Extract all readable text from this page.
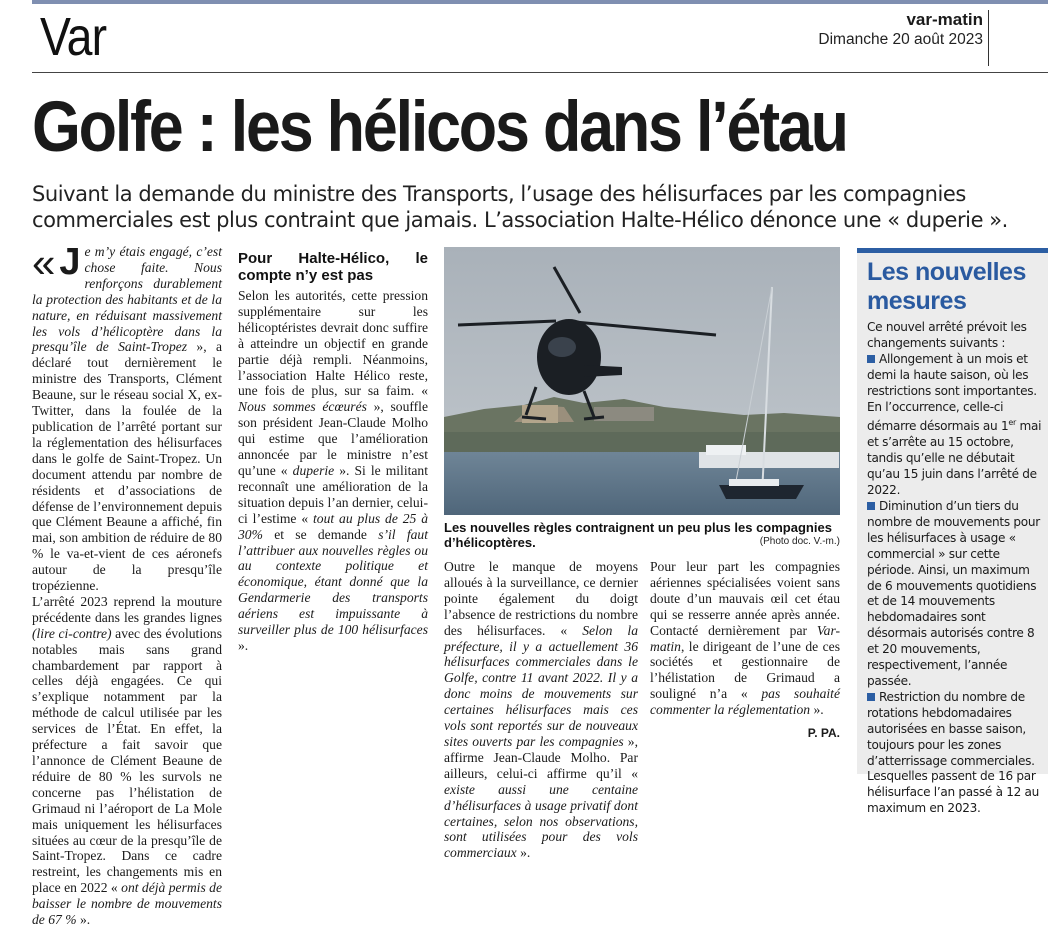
Var	var-matin
Dimanche 20 août 2023
Golfe : les hélicos dans l’étau

Suivant la demande du ministre des Transports, l’usage des hélisurfaces par les compagnies commerciales est plus contraint que jamais. L’association Halte-Hélico dénonce une « duperie ».

« J e m’y étais engagé, c’est chose faite. Nous renforçons durablement la protection des habitants et de la nature, en réduisant massivement les vols d’hélicoptère dans la presqu’île de Saint-Tropez », a déclaré tout dernièrement le ministre des Transports, Clément Beaune, sur le réseau social X, ex-Twitter, dans la foulée de la publication de l’arrêté portant sur la réglementation des hélisurfaces dans le golfe de Saint-Tropez. Un document attendu par nombre de résidents et d’associations de défense de l’environnement depuis que Clément Beaune a affiché, fin mai, son ambition de réduire de 80 % le va-et-vient de ces aéronefs autour de la presqu’île tropézienne.

L’arrêté 2023 reprend la mouture précédente dans les grandes lignes (lire ci-contre) avec des évolutions notables mais sans grand chambardement par rapport à celles déjà engagées. Ce qui s’explique notamment par la méthode de calcul utilisée par les services de l’État. En effet, la préfecture a fait savoir que l’annonce de Clément Beaune de réduire de 80 % les survols ne concerne pas l’hélistation de Grimaud ni l’aéroport de La Mole mais uniquement les hélisurfaces situées au cœur de la presqu’île de Saint-Tropez. Dans ce cadre restreint, les changements mis en place en 2022 « ont déjà permis de baisser le nombre de mouvements de 67 % ».

Les nouvelles règles contraignent un peu plus les compagnies d’hélicoptères.	(Photo doc. V.-m.)
Les nouvelles mesures

Ce nouvel arrêté prévoit les changements suivants :

Allongement à un mois et demi la haute saison, où les restrictions sont importantes. En l’occurrence, celle-ci démarre désormais au 1er mai et s’arrête au 15 octobre, tandis qu’elle ne débutait qu’au 15 juin dans l’arrêté de 2022.

Diminution d’un tiers du nombre de mouvements pour les hélisurfaces à usage « commercial » sur cette période. Ainsi, un maximum de 6 mouvements quotidiens et de 14 mouvements hebdomadaires sont désormais autorisés contre 8 et 20 mouvements, respectivement, l’année passée.

Restriction du nombre de rotations hebdomadaires autorisées en basse saison, toujours pour les zones d’atterrissage commerciales. Lesquelles passent de 16 par hélisurface l’an passé à 12 au maximum en 2023.

Pour Halte-Hélico, le compte n’y est pas

Selon les autorités, cette pression supplémentaire sur les hélicoptéristes devrait donc suffire à atteindre un objectif en grande partie déjà rempli. Néanmoins, l’association Halte Hélico reste, une fois de plus, sur sa faim. « Nous sommes écœurés », souffle son président Jean-Claude Molho qui estime que l’amélioration annoncée par le ministre n’est qu’une « duperie ». Si le militant reconnaît une amélioration de la situation depuis l’an dernier, celui-ci l’estime « tout au plus de 25 à 30% et se demande s’il faut l’attribuer aux nouvelles règles ou au contexte politique et économique, étant donné que la Gendarmerie des transports aériens est impuissante à surveiller plus de 100 hélisurfaces ».

Outre le manque de moyens alloués à la surveillance, ce dernier pointe également du doigt l’absence de restrictions du nombre des hélisurfaces. « Selon la préfecture, il y a actuellement 36 hélisurfaces commerciales dans le Golfe, contre 11 avant 2022. Il y a donc moins de mouvements sur certaines hélisurfaces mais ces vols sont reportés sur de nouveaux sites ouverts par les compagnies », affirme Jean-Claude Molho. Par ailleurs, celui-ci affirme qu’il « existe aussi une centaine d’hélisurfaces à usage privatif dont certaines, selon nos observations, sont utilisées pour des vols commerciaux ».

Pour leur part les compagnies aériennes spécialisées voient sans doute d’un mauvais œil cet étau qui se resserre année après année. Contacté dernièrement par Var-matin, le dirigeant de l’une de ces sociétés et gestionnaire de l’hélistation de Grimaud a souligné n’a « pas souhaité commenter la réglementation ».

P. PA.
